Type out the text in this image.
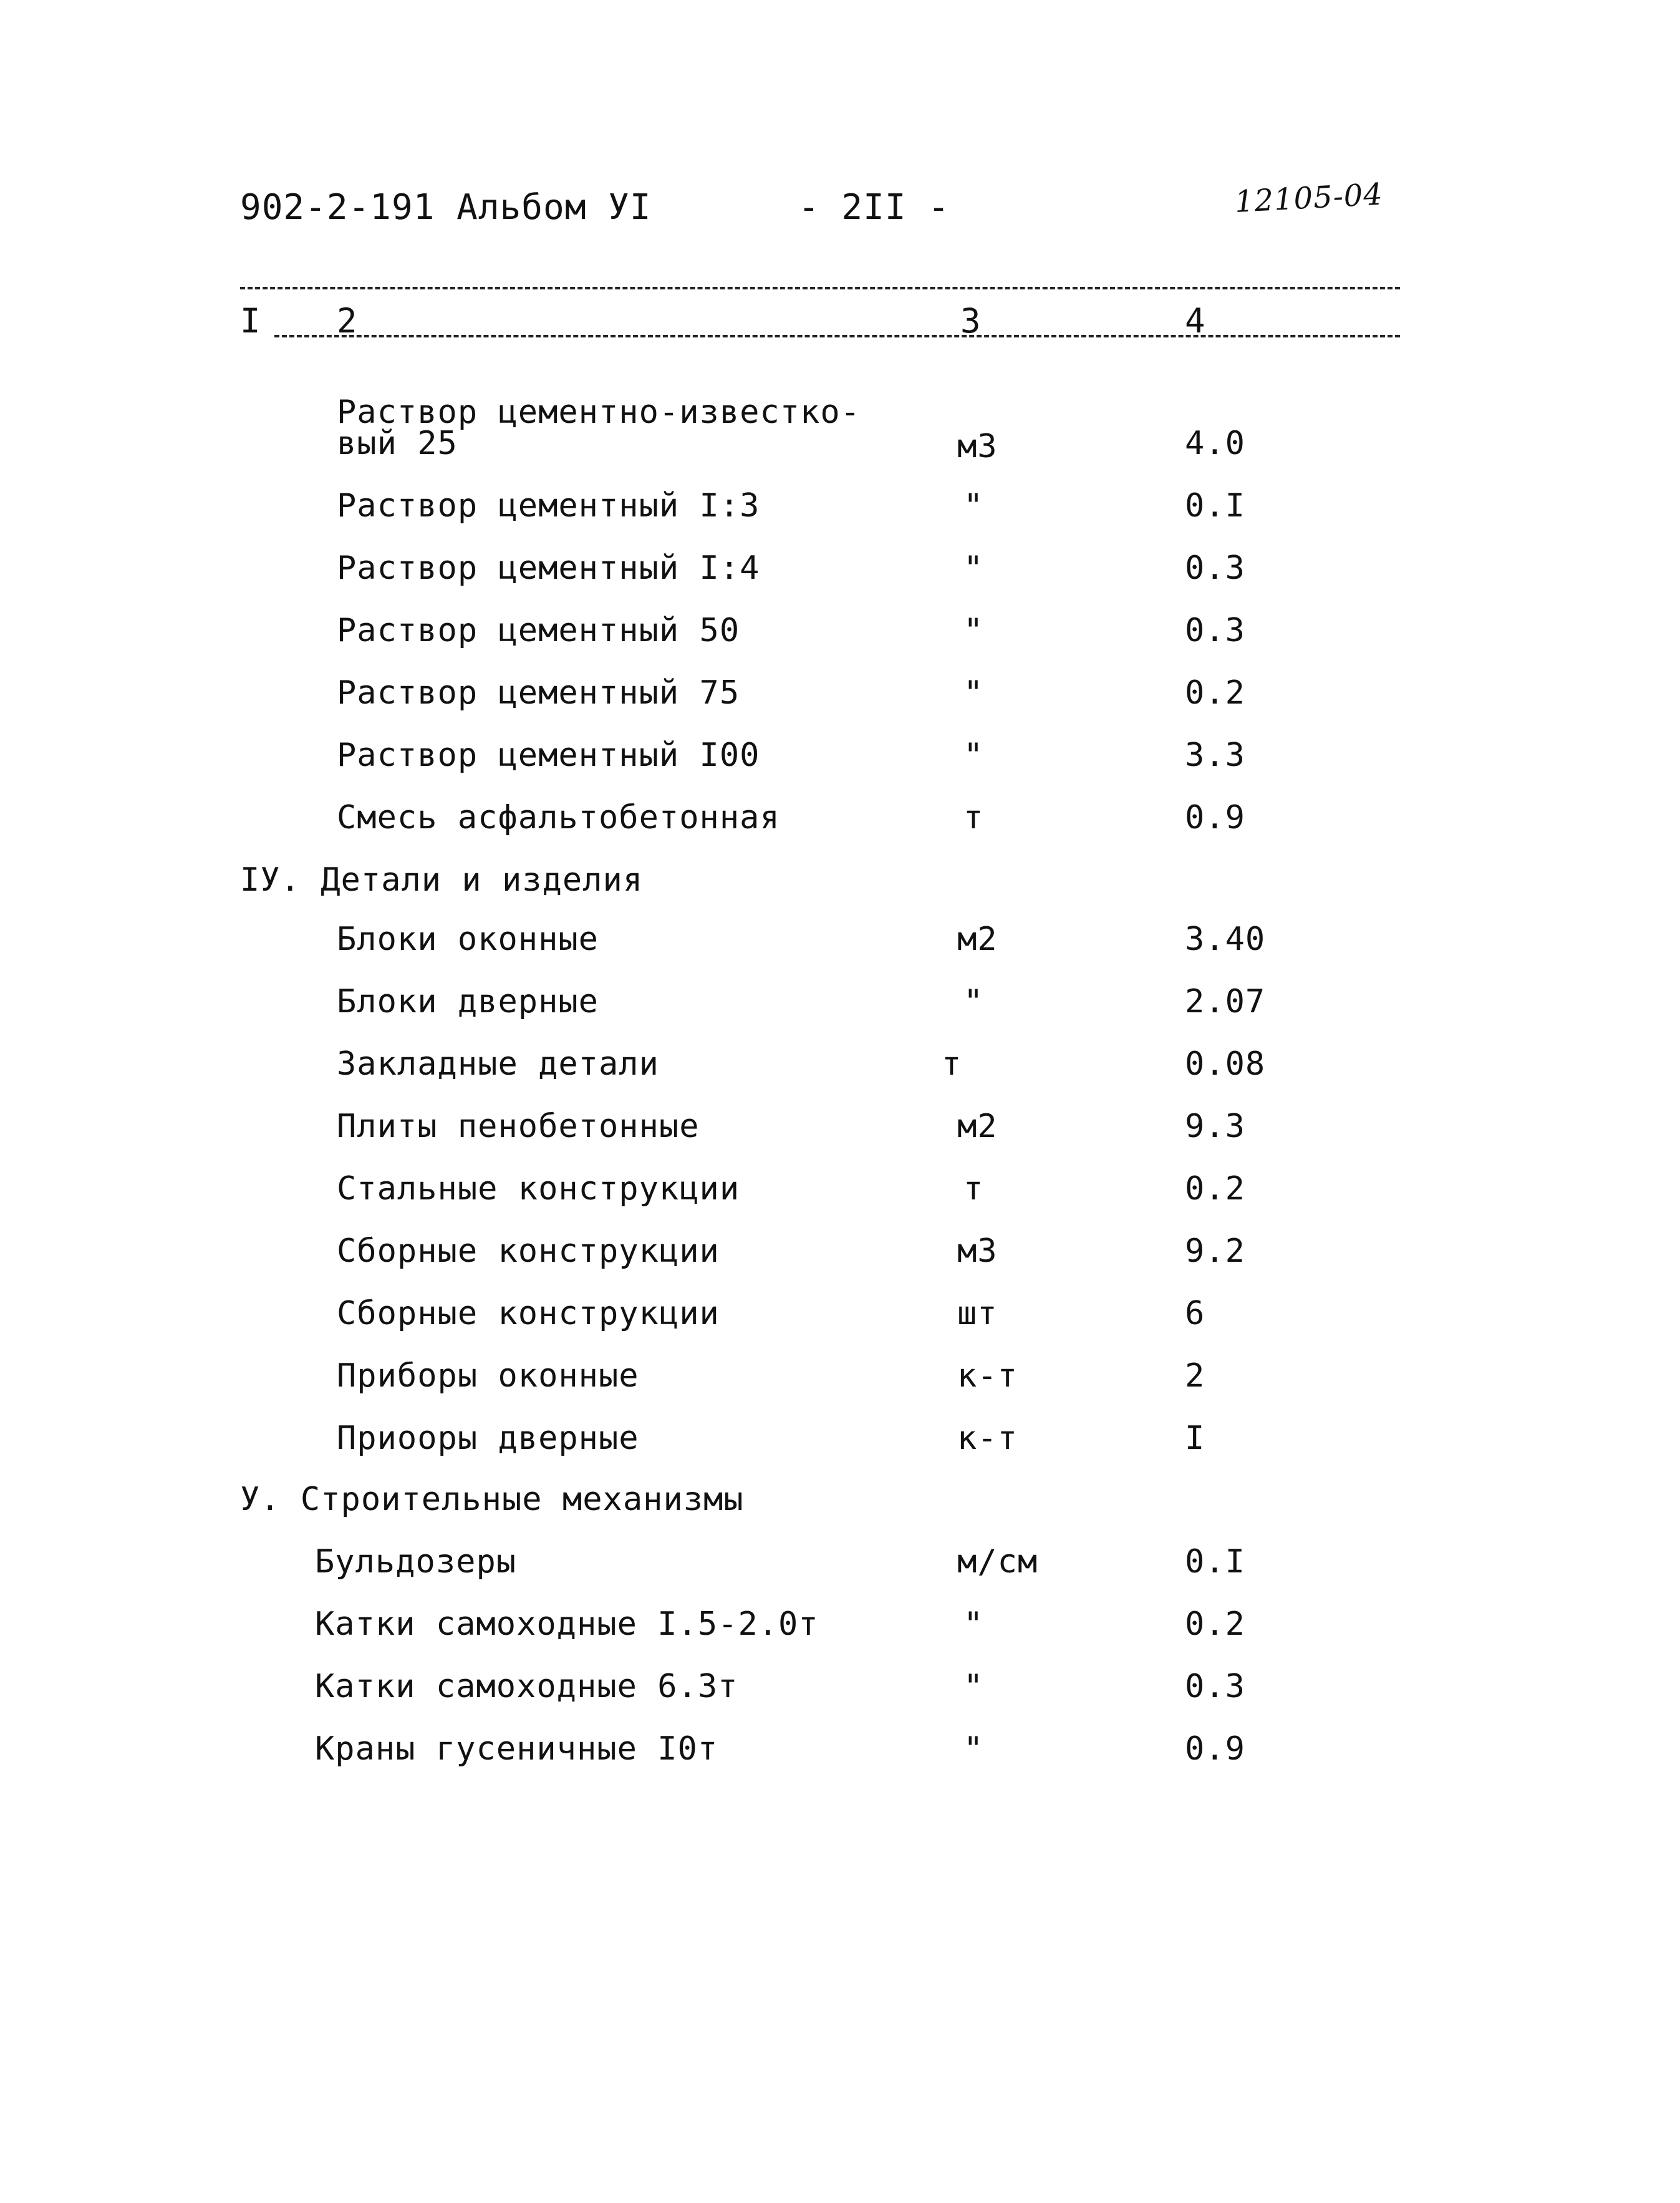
902-2-191 Альбом УI	- 2II -	12105-04
I 2	3	4
Раствор цементно-известко-
вый 25	м3	4.0
Раствор цементный I:3	"	0.I
Раствор цементный I:4	"	0.3
Раствор цементный 50	"	0.3
Раствор цементный 75	"	0.2
Раствор цементный I00	"	3.3
Смесь асфальтобетонная	т	0.9
IУ. Детали и изделия
Блоки оконные	м2	3.40
Блоки дверные	"	2.07
Закладные детали	т	0.08
Плиты пенобетонные	м2	9.3
Стальные конструкции	т	0.2
Сборные конструкции	м3	9.2
Сборные конструкции	шт	6
Приборы оконные	к-т	2
Приооры дверные	к-т	I
У. Строительные механизмы
Бульдозеры	м/см	0.I
Катки самоходные I.5-2.0т	"	0.2
Катки самоходные 6.3т	"	0.3
Краны гусеничные I0т	"	0.9
